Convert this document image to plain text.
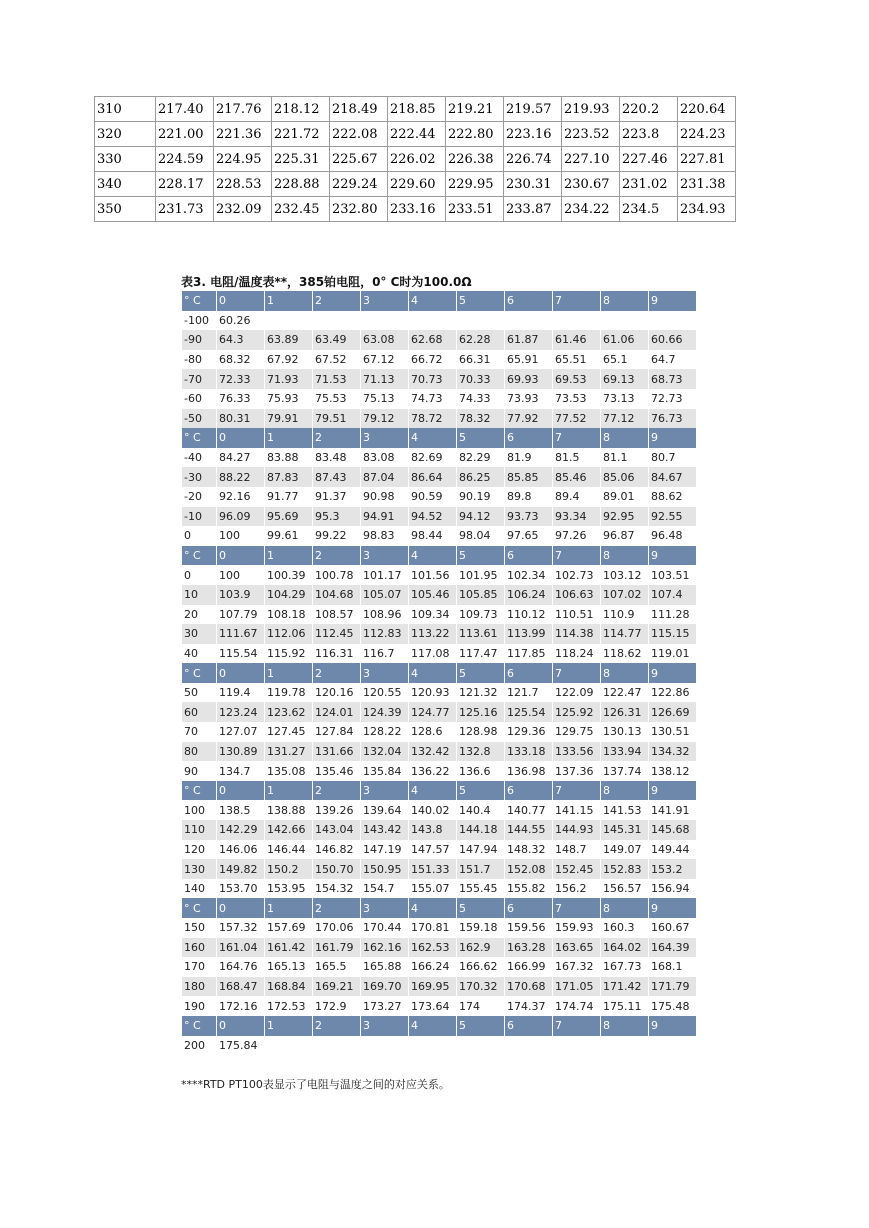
310	217.40	217.76	218.12	218.49	218.85	219.21	219.57	219.93	220.2	220.64
320	221.00	221.36	221.72	222.08	222.44	222.80	223.16	223.52	223.8	224.23
330	224.59	224.95	225.31	225.67	226.02	226.38	226.74	227.10	227.46	227.81
340	228.17	228.53	228.88	229.24	229.60	229.95	230.31	230.67	231.02	231.38
350	231.73	232.09	232.45	232.80	233.16	233.51	233.87	234.22	234.5	234.93
表3. 电阻/温度表**，385铂电阻，0° C时为100.0Ω
° C	0	1	2	3	4	5	6	7	8	9
-100	60.26									
-90	64.3	63.89	63.49	63.08	62.68	62.28	61.87	61.46	61.06	60.66
-80	68.32	67.92	67.52	67.12	66.72	66.31	65.91	65.51	65.1	64.7
-70	72.33	71.93	71.53	71.13	70.73	70.33	69.93	69.53	69.13	68.73
-60	76.33	75.93	75.53	75.13	74.73	74.33	73.93	73.53	73.13	72.73
-50	80.31	79.91	79.51	79.12	78.72	78.32	77.92	77.52	77.12	76.73
° C	0	1	2	3	4	5	6	7	8	9
-40	84.27	83.88	83.48	83.08	82.69	82.29	81.9	81.5	81.1	80.7
-30	88.22	87.83	87.43	87.04	86.64	86.25	85.85	85.46	85.06	84.67
-20	92.16	91.77	91.37	90.98	90.59	90.19	89.8	89.4	89.01	88.62
-10	96.09	95.69	95.3	94.91	94.52	94.12	93.73	93.34	92.95	92.55
0	100	99.61	99.22	98.83	98.44	98.04	97.65	97.26	96.87	96.48
° C	0	1	2	3	4	5	6	7	8	9
0	100	100.39	100.78	101.17	101.56	101.95	102.34	102.73	103.12	103.51
10	103.9	104.29	104.68	105.07	105.46	105.85	106.24	106.63	107.02	107.4
20	107.79	108.18	108.57	108.96	109.34	109.73	110.12	110.51	110.9	111.28
30	111.67	112.06	112.45	112.83	113.22	113.61	113.99	114.38	114.77	115.15
40	115.54	115.92	116.31	116.7	117.08	117.47	117.85	118.24	118.62	119.01
° C	0	1	2	3	4	5	6	7	8	9
50	119.4	119.78	120.16	120.55	120.93	121.32	121.7	122.09	122.47	122.86
60	123.24	123.62	124.01	124.39	124.77	125.16	125.54	125.92	126.31	126.69
70	127.07	127.45	127.84	128.22	128.6	128.98	129.36	129.75	130.13	130.51
80	130.89	131.27	131.66	132.04	132.42	132.8	133.18	133.56	133.94	134.32
90	134.7	135.08	135.46	135.84	136.22	136.6	136.98	137.36	137.74	138.12
° C	0	1	2	3	4	5	6	7	8	9
100	138.5	138.88	139.26	139.64	140.02	140.4	140.77	141.15	141.53	141.91
110	142.29	142.66	143.04	143.42	143.8	144.18	144.55	144.93	145.31	145.68
120	146.06	146.44	146.82	147.19	147.57	147.94	148.32	148.7	149.07	149.44
130	149.82	150.2	150.70	150.95	151.33	151.7	152.08	152.45	152.83	153.2
140	153.70	153.95	154.32	154.7	155.07	155.45	155.82	156.2	156.57	156.94
° C	0	1	2	3	4	5	6	7	8	9
150	157.32	157.69	170.06	170.44	170.81	159.18	159.56	159.93	160.3	160.67
160	161.04	161.42	161.79	162.16	162.53	162.9	163.28	163.65	164.02	164.39
170	164.76	165.13	165.5	165.88	166.24	166.62	166.99	167.32	167.73	168.1
180	168.47	168.84	169.21	169.70	169.95	170.32	170.68	171.05	171.42	171.79
190	172.16	172.53	172.9	173.27	173.64	174	174.37	174.74	175.11	175.48
° C	0	1	2	3	4	5	6	7	8	9
200	175.84									
****RTD PT100表显示了电阻与温度之间的对应关系。
